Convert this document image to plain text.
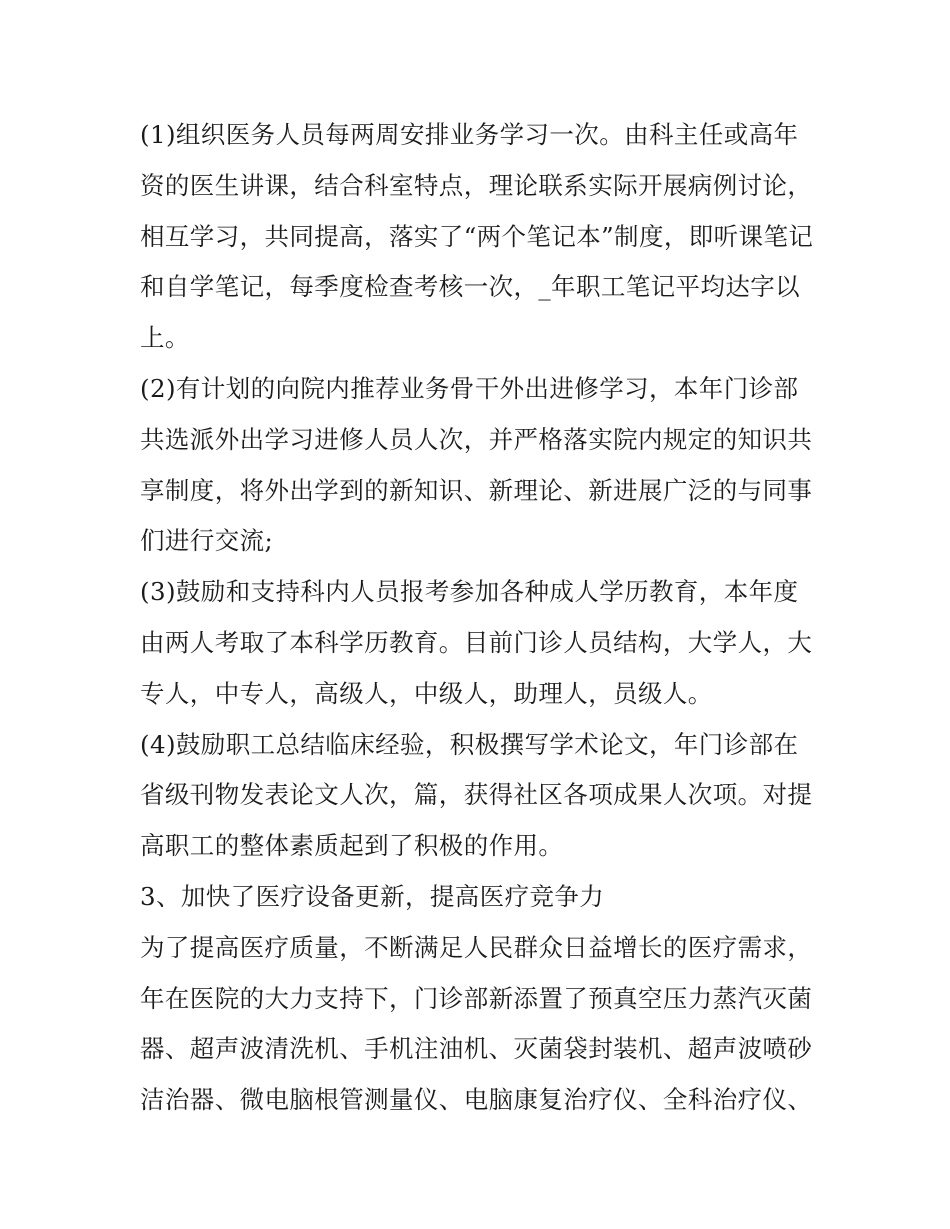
(1)组织医务人员每两周安排业务学习一次。由科主任或高年
资的医生讲课，结合科室特点，理论联系实际开展病例讨论，
相互学习，共同提高，落实了“两个笔记本”制度，即听课笔记
和自学笔记，每季度检查考核一次，_年职工笔记平均达字以
上。
(2)有计划的向院内推荐业务骨干外出进修学习，本年门诊部
共选派外出学习进修人员人次，并严格落实院内规定的知识共
享制度，将外出学到的新知识、新理论、新进展广泛的与同事
们进行交流;
(3)鼓励和支持科内人员报考参加各种成人学历教育，本年度
由两人考取了本科学历教育。目前门诊人员结构，大学人，大
专人，中专人，高级人，中级人，助理人，员级人。
(4)鼓励职工总结临床经验，积极撰写学术论文，年门诊部在
省级刊物发表论文人次，篇，获得社区各项成果人次项。对提
高职工的整体素质起到了积极的作用。
3、加快了医疗设备更新，提高医疗竞争力
为了提高医疗质量，不断满足人民群众日益增长的医疗需求，
年在医院的大力支持下，门诊部新添置了预真空压力蒸汽灭菌
器、超声波清洗机、手机注油机、灭菌袋封装机、超声波喷砂
洁治器、微电脑根管测量仪、电脑康复治疗仪、全科治疗仪、
